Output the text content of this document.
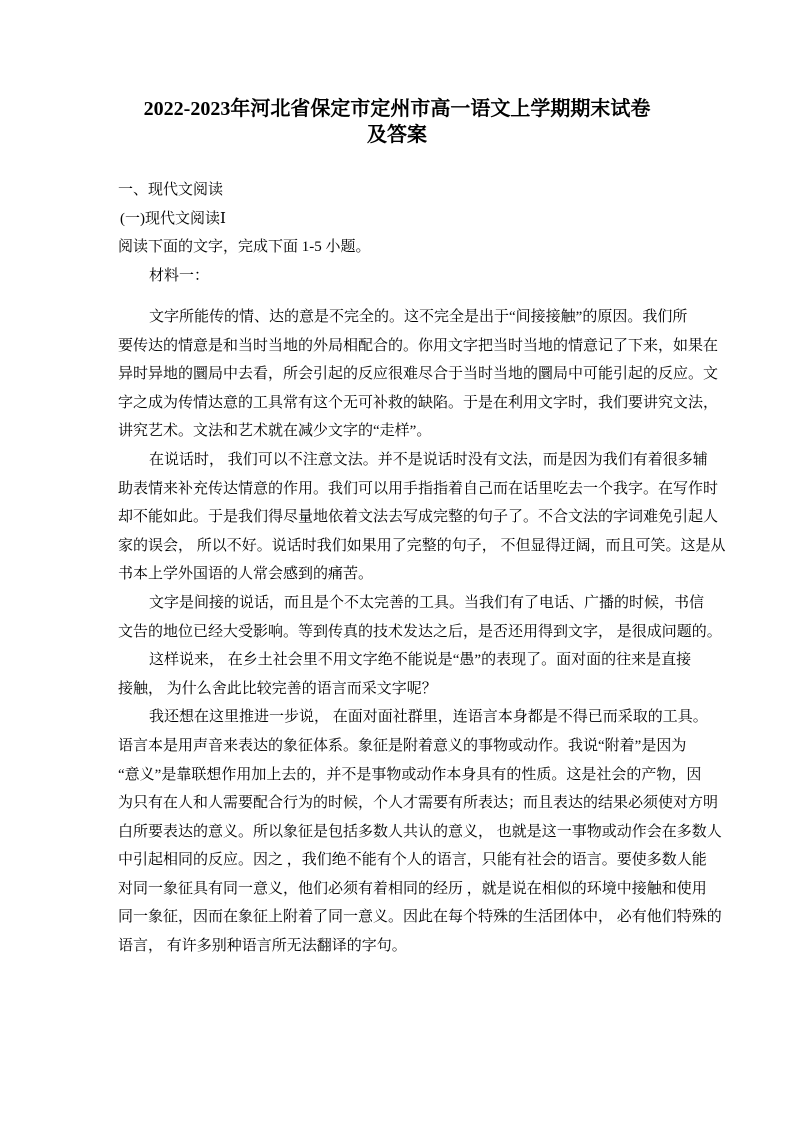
2022-2023年河北省保定市定州市高一语文上学期期末试卷
及答案
一、现代文阅读
(一)现代文阅读Ⅰ
阅读下面的文字，完成下面 1-5 小题。
材料一：
文字所能传的情、达的意是不完全的。这不完全是出于“间接接触”的原因。我们所
要传达的情意是和当时当地的外局相配合的。你用文字把当时当地的情意记了下来，如果在
异时异地的圜局中去看，所会引起的反应很难尽合于当时当地的圜局中可能引起的反应。文
字之成为传情达意的工具常有这个无可补救的缺陷。于是在利用文字时，我们要讲究文法，
讲究艺术。文法和艺术就在减少文字的“走样”。
在说话时， 我们可以不注意文法。并不是说话时没有文法，而是因为我们有着很多辅
助表情来补充传达情意的作用。我们可以用手指指着自己而在话里吃去一个我字。在写作时
却不能如此。于是我们得尽量地依着文法去写成完整的句子了。不合文法的字词难免引起人
家的误会， 所以不好。说话时我们如果用了完整的句子， 不但显得迂阔，而且可笑。这是从
书本上学外国语的人常会感到的痛苦。
文字是间接的说话，而且是个不太完善的工具。当我们有了电话、广播的时候，书信
文告的地位已经大受影响。等到传真的技术发达之后，是否还用得到文字， 是很成问题的。
这样说来， 在乡土社会里不用文字绝不能说是“愚”的表现了。面对面的往来是直接
接触， 为什么舍此比较完善的语言而采文字呢？
我还想在这里推进一步说， 在面对面社群里，连语言本身都是不得已而采取的工具。
语言本是用声音来表达的象征体系。象征是附着意义的事物或动作。我说“附着”是因为
“意义”是靠联想作用加上去的，并不是事物或动作本身具有的性质。这是社会的产物，因
为只有在人和人需要配合行为的时候，个人才需要有所表达；而且表达的结果必须使对方明
白所要表达的意义。所以象征是包括多数人共认的意义， 也就是这一事物或动作会在多数人
中引起相同的反应。因之 ，我们绝不能有个人的语言，只能有社会的语言。要使多数人能
对同一象征具有同一意义，他们必须有着相同的经历 ，就是说在相似的环境中接触和使用
同一象征，因而在象征上附着了同一意义。因此在每个特殊的生活团体中， 必有他们特殊的
语言， 有许多别种语言所无法翻译的字句。
